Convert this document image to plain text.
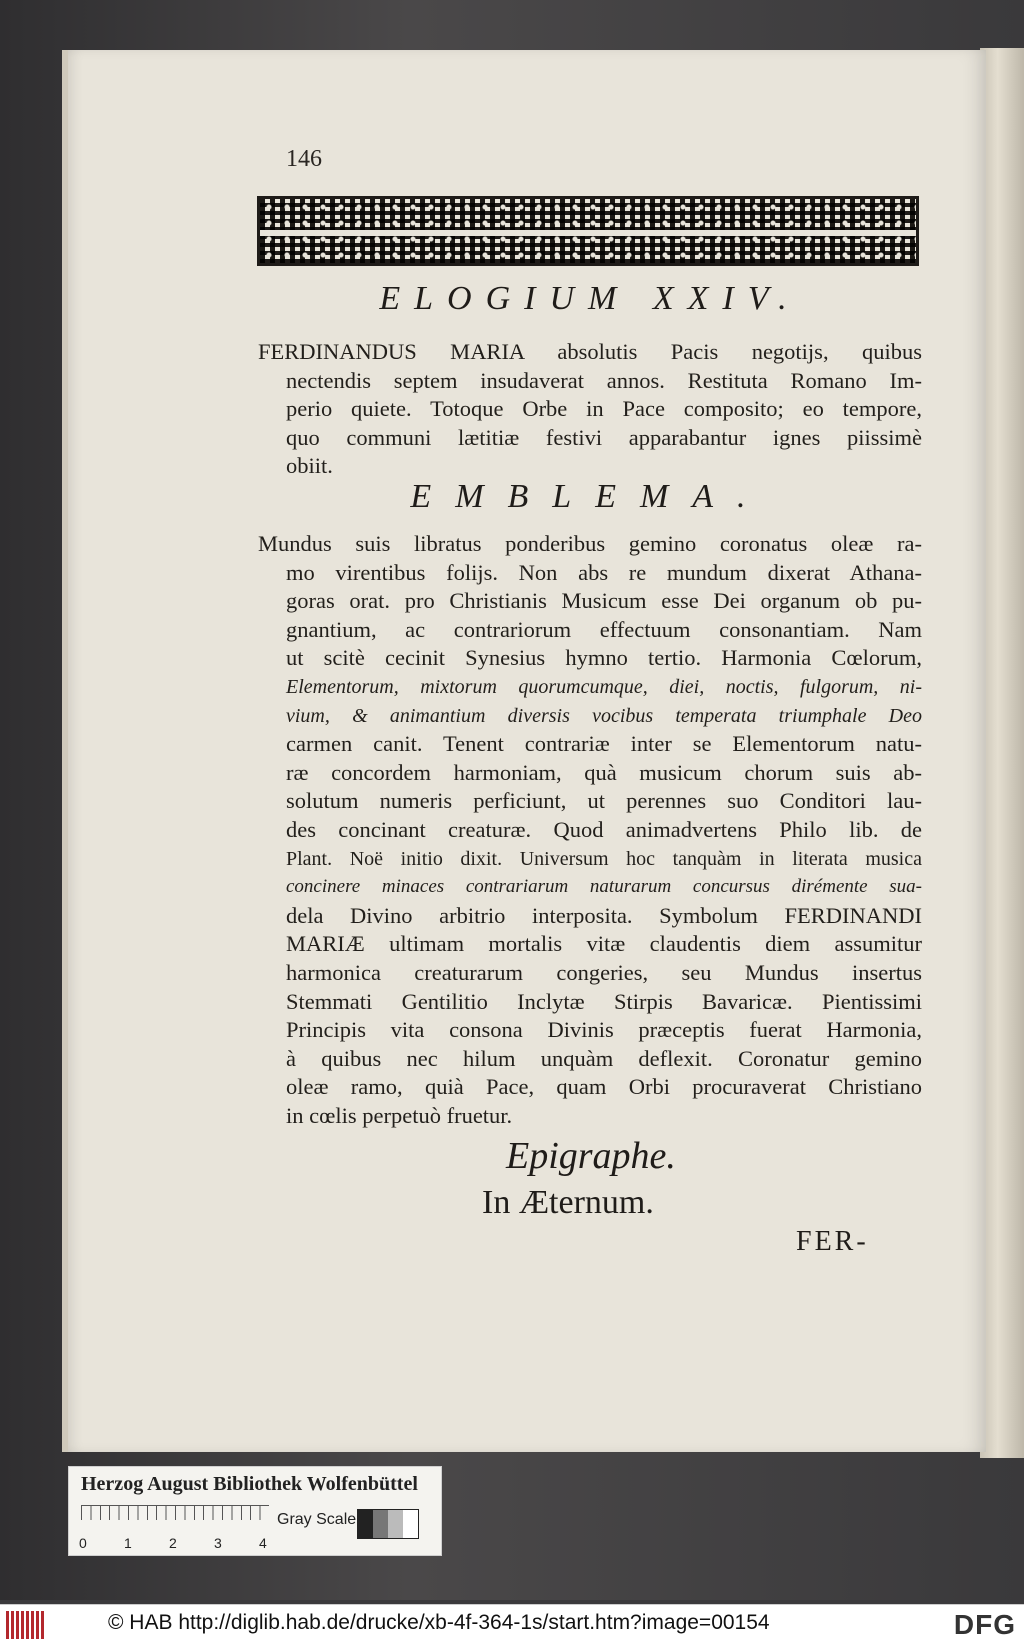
146
ELOGIUM XXIV.
FERDINANDUS MARIA absolutis Pacis negotijs, quibus
nectendis septem insudaverat annos. Restituta Romano Im-
perio quiete. Totoque Orbe in Pace composito; eo tempore,
quo communi lætitiæ festivi apparabantur ignes piissimè
obiit.
EMBLEMA.
Mundus suis libratus ponderibus gemino coronatus oleæ ra-
mo virentibus folijs. Non abs re mundum dixerat Athana-
goras orat. pro Christianis Musicum esse Dei organum ob pu-
gnantium, ac contrariorum effectuum consonantiam. Nam
ut scitè cecinit Synesius hymno tertio. Harmonia Cœlorum,
Elementorum, mixtorum quorumcumque, diei, noctis, fulgorum, ni-
vium, & animantium diversis vocibus temperata triumphale Deo
carmen canit. Tenent contrariæ inter se Elementorum natu-
ræ concordem harmoniam, quà musicum chorum suis ab-
solutum numeris perficiunt, ut perennes suo Conditori lau-
des concinant creaturæ. Quod animadvertens Philo lib. de
Plant. Noë initio dixit. Universum hoc tanquàm in literata musica
concinere minaces contrariarum naturarum concursus dirémente sua-
dela Divino arbitrio interposita. Symbolum FERDINANDI
MARIÆ ultimam mortalis vitæ claudentis diem assumitur
harmonica creaturarum congeries, seu Mundus insertus
Stemmati Gentilitio Inclytæ Stirpis Bavaricæ. Pientissimi
Principis vita consona Divinis præceptis fuerat Harmonia,
à quibus nec hilum unquàm deflexit. Coronatur gemino
oleæ ramo, quià Pace, quam Orbi procuraverat Christiano
in cœlis perpetuò fruetur.
Epigraphe.
In Æternum.
FER-
Herzog August Bibliothek Wolfenbüttel
0	1	2	3	4
Gray Scale
© HAB http://diglib.hab.de/drucke/xb-4f-364-1s/start.htm?image=00154	DFG
